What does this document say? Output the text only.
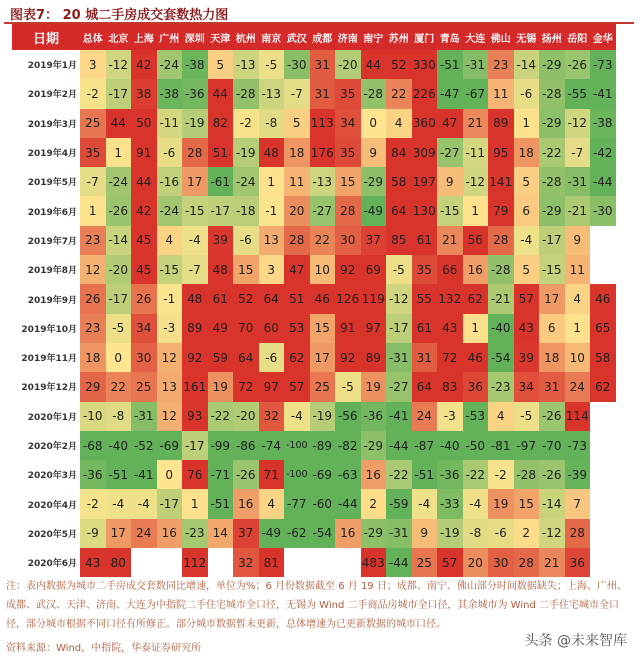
图表7： 20 城二手房成交套数热力图
日期	总体	北京	上海	广州	深圳	天津	杭州	南京	武汉	成都	济南	南宁	苏州	厦门	青岛	大连	佛山	无锡	扬州	岳阳	金华
2019年1月	3	-12	42	-24	-38	5	-13	-5	-30	31	-20	44	52	330	-51	-31	23	-14	-29	-26	-73
2019年2月	-2	-17	38	-38	-36	44	-28	-13	-7	31	35	-28	22	226	-47	-67	11	-6	-28	-55	-41
2019年3月	25	44	50	-11	-19	82	-2	-8	5	113	34	0	4	360	47	21	89	1	-29	-12	-38
2019年4月	35	1	91	-6	28	51	-19	48	18	176	35	9	84	309	-27	-11	95	18	-22	-7	-42
2019年5月	-7	-24	44	-16	17	-61	-24	1	11	-13	15	-29	58	197	9	-12	141	5	-28	-31	-44
2019年6月	1	-26	42	-24	-15	-17	-18	-1	20	-27	28	-49	64	130	-15	1	79	6	-29	-21	-30
2019年7月	23	-14	45	4	-4	39	-6	13	28	22	30	37	85	61	21	56	28	-4	-17	9	
2019年8月	12	-20	45	-15	-7	48	15	3	47	10	92	69	-5	35	66	16	-28	5	-15	11	
2019年9月	26	-17	26	-1	48	61	52	64	51	46	126	119	-12	55	132	62	-21	57	17	4	46
2019年10月	23	-5	34	-3	89	49	70	60	53	15	91	97	-17	61	43	1	-40	43	6	1	65
2019年11月	18	0	30	12	92	59	64	-6	62	17	92	89	-31	31	72	46	-54	39	18	10	58
2019年12月	29	22	25	13	161	19	72	97	57	25	-5	19	-27	64	83	36	-23	34	31	24	62
2020年1月	-10	-8	-31	12	93	-22	-20	32	-4	-19	-56	-36	-41	24	-3	-53	4	-5	-26	114	
2020年2月	-68	-40	-52	-69	-17	-99	-86	-74	-100	-89	-82	-29	-44	-87	-40	-50	-81	-97	-70	-73	
2020年3月	-36	-51	-41	0	76	-71	-26	71	-100	-69	-63	16	-22	-51	-36	-22	-2	-28	-26	-39	
2020年4月	-2	-4	-4	-17	1	-51	16	4	-77	-60	-44	2	-59	-4	-33	-4	19	15	-14	7	
2020年5月	-9	17	24	16	-23	14	37	-49	-62	-54	16	-29	-31	9	-19	-8	-6	2	-12	28	
2020年6月	43	80			112		32	81				483	-44	25	57	20	30	28	21	36	
注：表内数据为城市二手房成交套数同比增速，单位为%；6 月份数据截至 6 月 19 日；成都、南宁、佛山部分时间数据缺失；上海、广州、成都、武汉、天津、济南、大连为中指院二手住宅城市全口径，无锡为 Wind 二手商品房城市全口径，其余城市为 Wind 二手住宅城市全口径，部分城市根据不同口径有所修正。部分城市数据暂未更新，总体增速为已更新数据的城市口径。
资料来源：Wind，中指院，华泰证券研究所	头条 @未来智库
